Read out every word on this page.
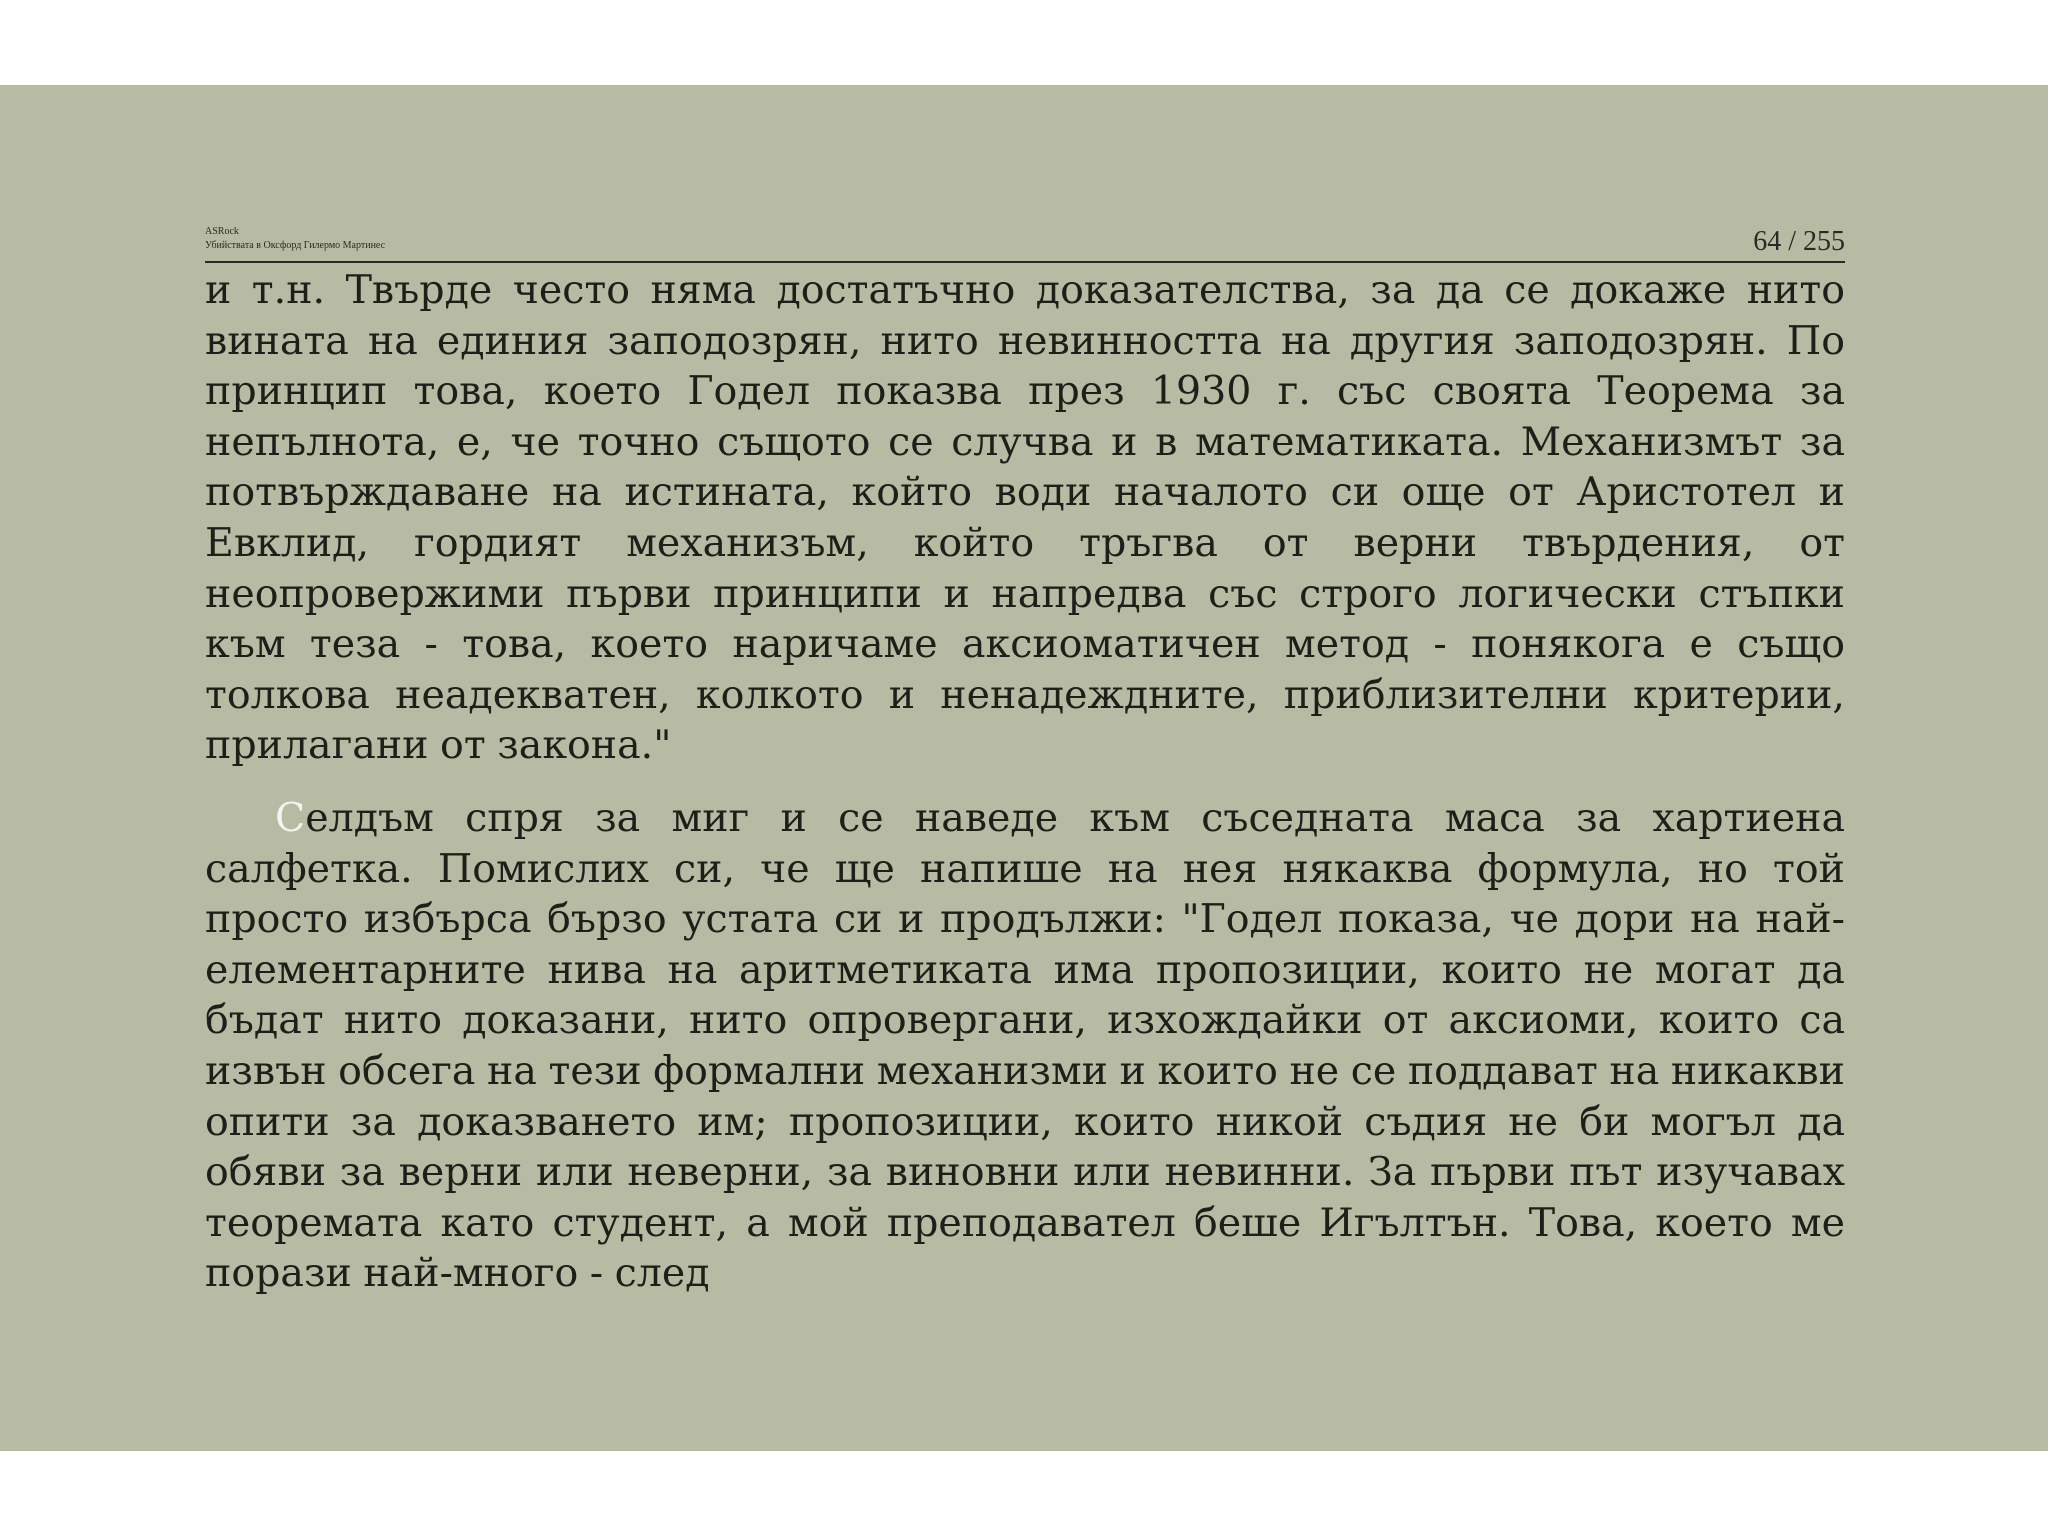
ASRock
Убийствата в Оксфорд Гилермо Мартинес	64 / 255

и т.н. Твърде често няма достатъчно доказателства, за да се докаже нито вината на единия заподозрян, нито невинността на другия заподозрян. По принцип това, което Годел показва през 1930 г. със своята Теорема за непълнота, е, че точно същото се случва и в математиката. Механизмът за потвърждаване на истината, който води началото си още от Аристотел и Евклид, гордият механизъм, който тръгва от верни твърдения, от неопровержими първи принципи и напредва със строго логически стъпки към теза - това, което наричаме аксиоматичен метод - понякога е също толкова неадекватен, колкото и ненадеждните, приблизителни критерии, прилагани от закона."

Селдъм спря за миг и се наведе към съседната маса за хартиена салфетка. Помислих си, че ще напише на нея някаква формула, но той просто избърса бързо устата си и продължи: "Годел показа, че дори на най-елементарните нива на аритметиката има пропозиции, които не могат да бъдат нито доказани, нито опровергани, изхождайки от аксиоми, които са извън обсега на тези формални механизми и които не се поддават на никакви опити за доказването им; пропозиции, които никой съдия не би могъл да обяви за верни или неверни, за виновни или невинни. За първи път изучавах теоремата като студент, а мой преподавател беше Игълтън. Това, което ме порази най-много - след
